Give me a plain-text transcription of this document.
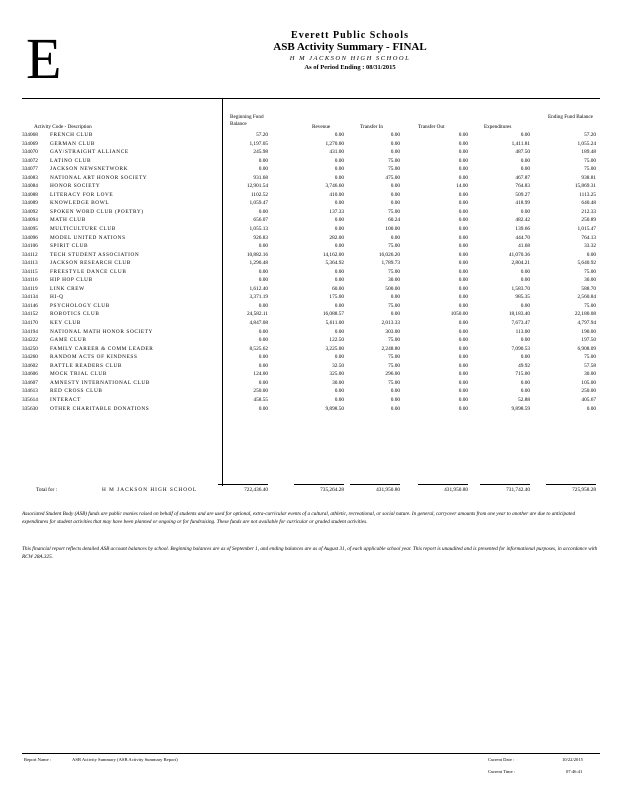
E	Everett Public Schools
ASB Activity Summary - FINAL
H M JACKSON HIGH SCHOOL
As of Period Ending : 08/31/2015
Activity Code - Description
Beginning Fund Balance	Revenue	Transfer In	Transfer Out	Expenditures
Ending Fund Balance
334068 FRENCH CLUB	57.20	0.00	0.00	0.00	0.00	57.20
334069 GERMAN CLUB	1,197.05	1,270.00	0.00	0.00	1,411.81	1,055.24
334070 GAY/STRAIGHT ALLIANCE	245.98	431.00	0.00	0.00	487.50	189.48
334072 LATINO CLUB	0.00	0.00	75.00	0.00	0.00	75.00
334077 JACKSON NEWSNETWORK	0.00	0.00	75.00	0.00	0.00	75.00
334083 NATIONAL ART HONOR SOCIETY	931.68	0.00	475.00	0.00	467.87	938.81
334084 HONOR SOCIETY	12,901.54	3,746.60	0.00	14.00	764.83	15,869.31
334088 LITERACY FOR LOVE	1102.52	410.00	0.00	0.00	509.27	1113.25
334089 KNOWLEDGE BOWL	1,059.47	0.00	0.00	0.00	418.99	640.48
334092 SPOKEN WORD CLUB (POETRY)	0.00	137.33	75.00	0.00	0.00	212.33
334094 MATH CLUB	656.07	0.00	60.24	0.00	482.42	250.89
334095 MULTICULTURE CLUB	1,055.13	0.00	100.00	0.00	139.66	1,015.47
334096 MODEL UNITED NATIONS	926.83	282.00	0.00	0.00	444.70	764.13
334106 SPIRIT CLUB	0.00	0.00	75.00	0.00	41.68	33.32
334112 TECH STUDENT ASSOCIATION	10,882.16	14,162.00	16,026.20	0.00	41,070.36	0.00
334113 JACKSON RESEARCH CLUB	1,290.48	5,364.92	1,789.73	0.00	2,804.21	5,640.92
334115 FREESTYLE DANCE CLUB	0.00	0.00	75.00	0.00	0.00	75.00
334116 HIP HOP CLUB	0.00	0.00	30.00	0.00	0.00	30.00
334119 LINK CREW	1,612.40	60.00	500.00	0.00	1,583.70	588.70
334134 HI-Q	3,371.19	175.00	0.00	0.00	985.35	2,560.84
334146 PSYCHOLOGY CLUB	0.00	0.00	75.00	0.00	0.00	75.00
334152 ROBOTICS CLUB	24,582.11	16,088.57	0.00	1050.00	18,183.40	22,180.08
334170 KEY CLUB	4,847.08	5,611.00	2,013.33	0.00	7,673.47	4,797.94
334194 NATIONAL MATH HONOR SOCIETY	0.00	0.00	303.00	0.00	113.00	190.00
334222 GAME CLUB	0.00	122.50	75.00	0.00	0.00	197.50
334250 FAMILY CAREER & COMM LEADER	8,525.62	3,225.00	2,248.80	0.00	7,090.53	6,908.09
334260 RANDOM ACTS OF KINDNESS	0.00	0.00	75.00	0.00	0.00	75.00
334602 BATTLE READERS CLUB	0.00	32.50	75.00	0.00	49.92	57.58
334606 MOCK TRIAL CLUB	124.00	325.00	296.00	0.00	715.00	30.00
334607 AMNESTY INTERNATIONAL CLUB	0.00	30.00	75.00	0.00	0.00	105.00
334613 RED CROSS CLUB	250.00	0.00	0.00	0.00	0.00	250.00
335614 INTERACT	458.55	0.00	0.00	0.00	52.88	405.67
335630 OTHER CHARITABLE DONATIONS	0.00	9,898.50	0.00	0.00	9,898.59	0.00
Total for :	H M JACKSON HIGH SCHOOL	722,436.40	735,264.28	431,950.80	431,950.80	731,742.40	725,958.28
Associated Student Body (ASB) funds are public monies raised on behalf of students and are used for optional, extra-curricular events of a cultural, athletic, recreational, or social nature. In general, carryover amounts from one year to another are due to anticipated expenditures for student activities that may have been planned or ongoing or for fundraising. These funds are not available for curricular or graded student activities.
This financial report reflects detailed ASB account balances by school. Beginning balances are as of September 1, and ending balances are as of August 31, of each applicable school year. This report is unaudited and is presented for informational purposes, in accordance with RCW 28A.325.
Report Name :	ASB Activity Summary (ASB Activity Summary Report)	Current Date :	10/22/2015
Current Time :	07:46:41
